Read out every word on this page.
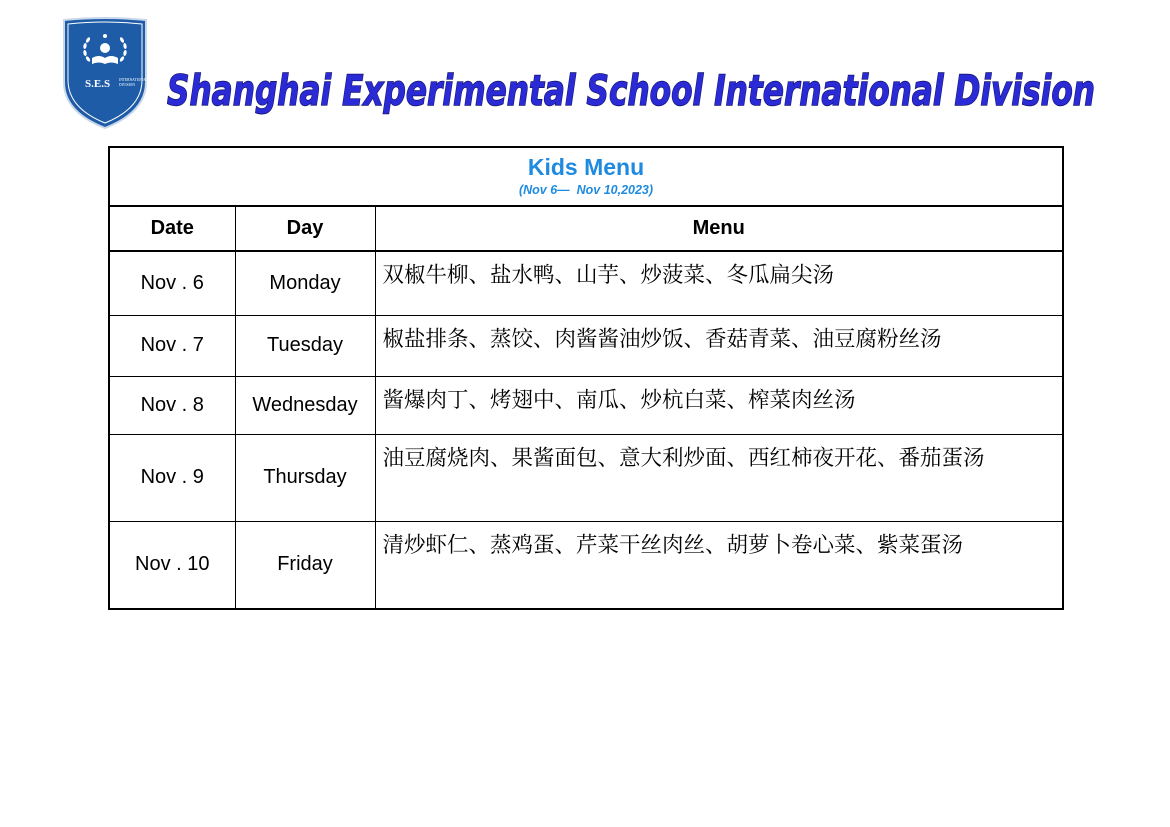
S.E.S INTERNATIONAL
DIVISION Shanghai Experimental School International Division
Kids Menu
(Nov 6—  Nov 10,2023)		

Date	Day	Menu
Nov . 6	Monday	双椒牛柳、盐水鸭、山芋、炒菠菜、冬瓜扁尖汤
Nov . 7	Tuesday	椒盐排条、蒸饺、肉酱酱油炒饭、香菇青菜、油豆腐粉丝汤
Nov . 8	Wednesday	酱爆肉丁、烤翅中、南瓜、炒杭白菜、榨菜肉丝汤
Nov . 9	Thursday	油豆腐烧肉、果酱面包、意大利炒面、西红柿夜开花、番茄蛋汤
Nov . 10	Friday	清炒虾仁、蒸鸡蛋、芹菜干丝肉丝、胡萝卜卷心菜、紫菜蛋汤
